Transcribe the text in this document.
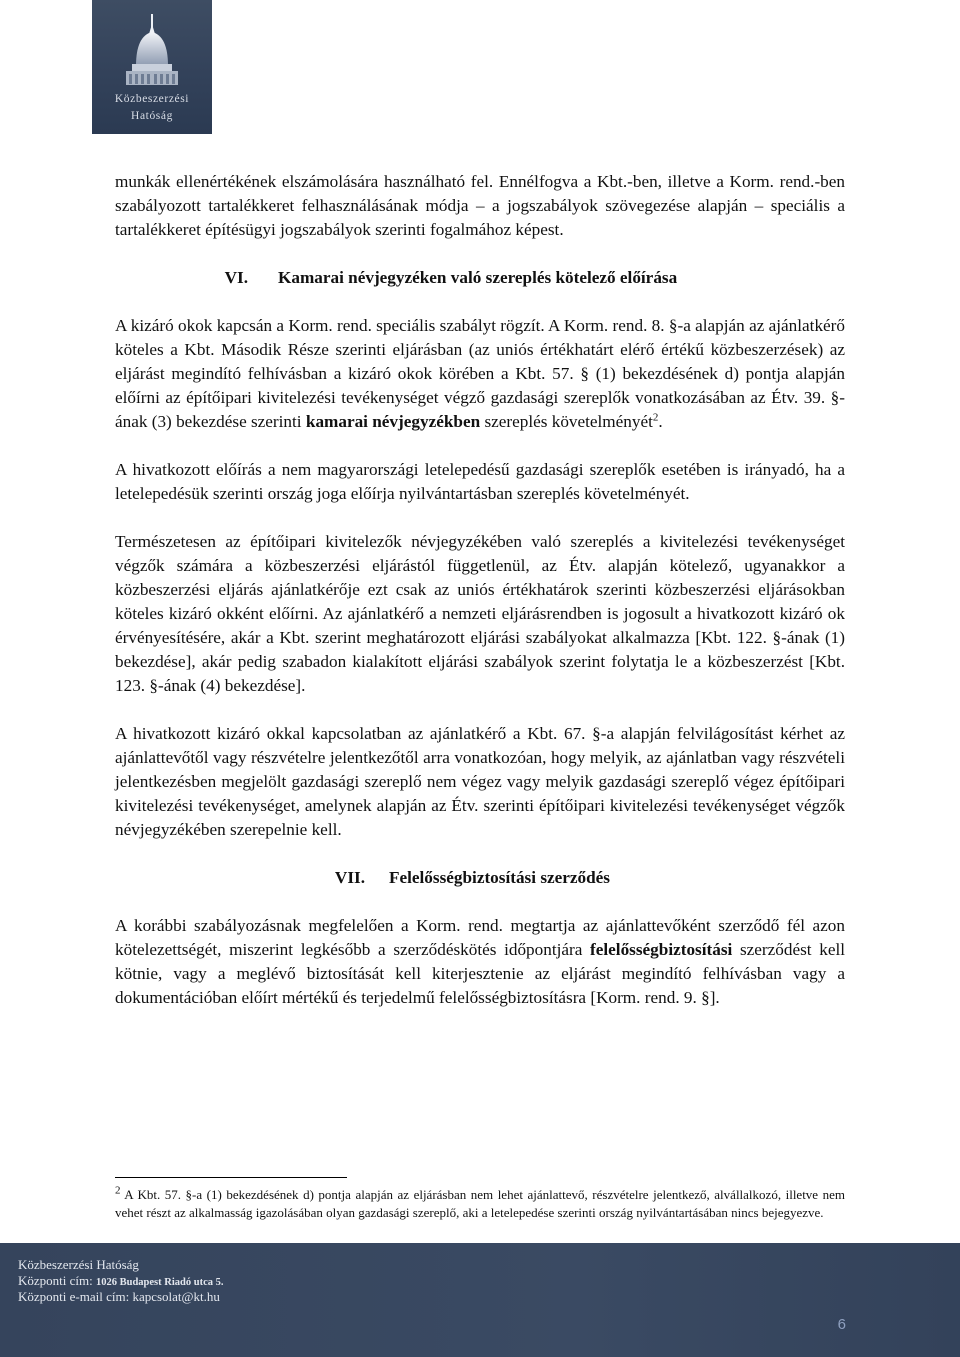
Közbeszerzési
Hatóság

munkák ellenértékének elszámolására használható fel. Ennélfogva a Kbt.-ben, illetve a Korm. rend.-ben szabályozott tartalékkeret felhasználásának módja – a jogszabályok szövegezése alapján – speciális a tartalékkeret építésügyi jogszabályok szerinti fogalmához képest.

VI. Kamarai névjegyzéken való szereplés kötelező előírása

A kizáró okok kapcsán a Korm. rend. speciális szabályt rögzít. A Korm. rend. 8. §-a alapján az ajánlatkérő köteles a Kbt. Második Része szerinti eljárásban (az uniós értékhatárt elérő értékű közbeszerzések) az eljárást megindító felhívásban a kizáró okok körében a Kbt. 57. § (1) bekezdésének d) pontja alapján előírni az építőipari kivitelezési tevékenységet végző gazdasági szereplők vonatkozásában az Étv. 39. §-ának (3) bekezdése szerinti kamarai névjegyzékben szereplés követelményét$^2$.

A hivatkozott előírás a nem magyarországi letelepedésű gazdasági szereplők esetében is irányadó, ha a letelepedésük szerinti ország joga előírja nyilvántartásban szereplés követelményét.

Természetesen az építőipari kivitelezők névjegyzékében való szereplés a kivitelezési tevékenységet végzők számára a közbeszerzési eljárástól függetlenül, az Étv. alapján kötelező, ugyanakkor a közbeszerzési eljárás ajánlatkérője ezt csak az uniós értékhatárok szerinti közbeszerzési eljárásokban köteles kizáró okként előírni. Az ajánlatkérő a nemzeti eljárásrendben is jogosult a hivatkozott kizáró ok érvényesítésére, akár a Kbt. szerint meghatározott eljárási szabályokat alkalmazza [Kbt. 122. §-ának (1) bekezdése], akár pedig szabadon kialakított eljárási szabályok szerint folytatja le a közbeszerzést [Kbt. 123. §-ának (4) bekezdése].

A hivatkozott kizáró okkal kapcsolatban az ajánlatkérő a Kbt. 67. §-a alapján felvilágosítást kérhet az ajánlattevőtől vagy részvételre jelentkezőtől arra vonatkozóan, hogy melyik, az ajánlatban vagy részvételi jelentkezésben megjelölt gazdasági szereplő nem végez vagy melyik gazdasági szereplő végez építőipari kivitelezési tevékenységet, amelynek alapján az Étv. szerinti építőipari kivitelezési tevékenységet végzők névjegyzékében szerepelnie kell.

VII. Felelősségbiztosítási szerződés

A korábbi szabályozásnak megfelelően a Korm. rend. megtartja az ajánlattevőként szerződő fél azon kötelezettségét, miszerint legkésőbb a szerződéskötés időpontjára felelősségbiztosítási szerződést kell kötnie, vagy a meglévő biztosítását kell kiterjesztenie az eljárást megindító felhívásban vagy a dokumentációban előírt mértékű és terjedelmű felelősségbiztosításra [Korm. rend. 9. §].

$^2$ A Kbt. 57. §-a (1) bekezdésének d) pontja alapján az eljárásban nem lehet ajánlattevő, részvételre jelentkező, alvállalkozó, illetve nem vehet részt az alkalmasság igazolásában olyan gazdasági szereplő, aki a letelepedése szerinti ország nyilvántartásában nincs bejegyezve.
Közbeszerzési Hatóság
Központi cím: 1026 Budapest Riadó utca 5.
Központi e-mail cím: kapcsolat@kt.hu
6
